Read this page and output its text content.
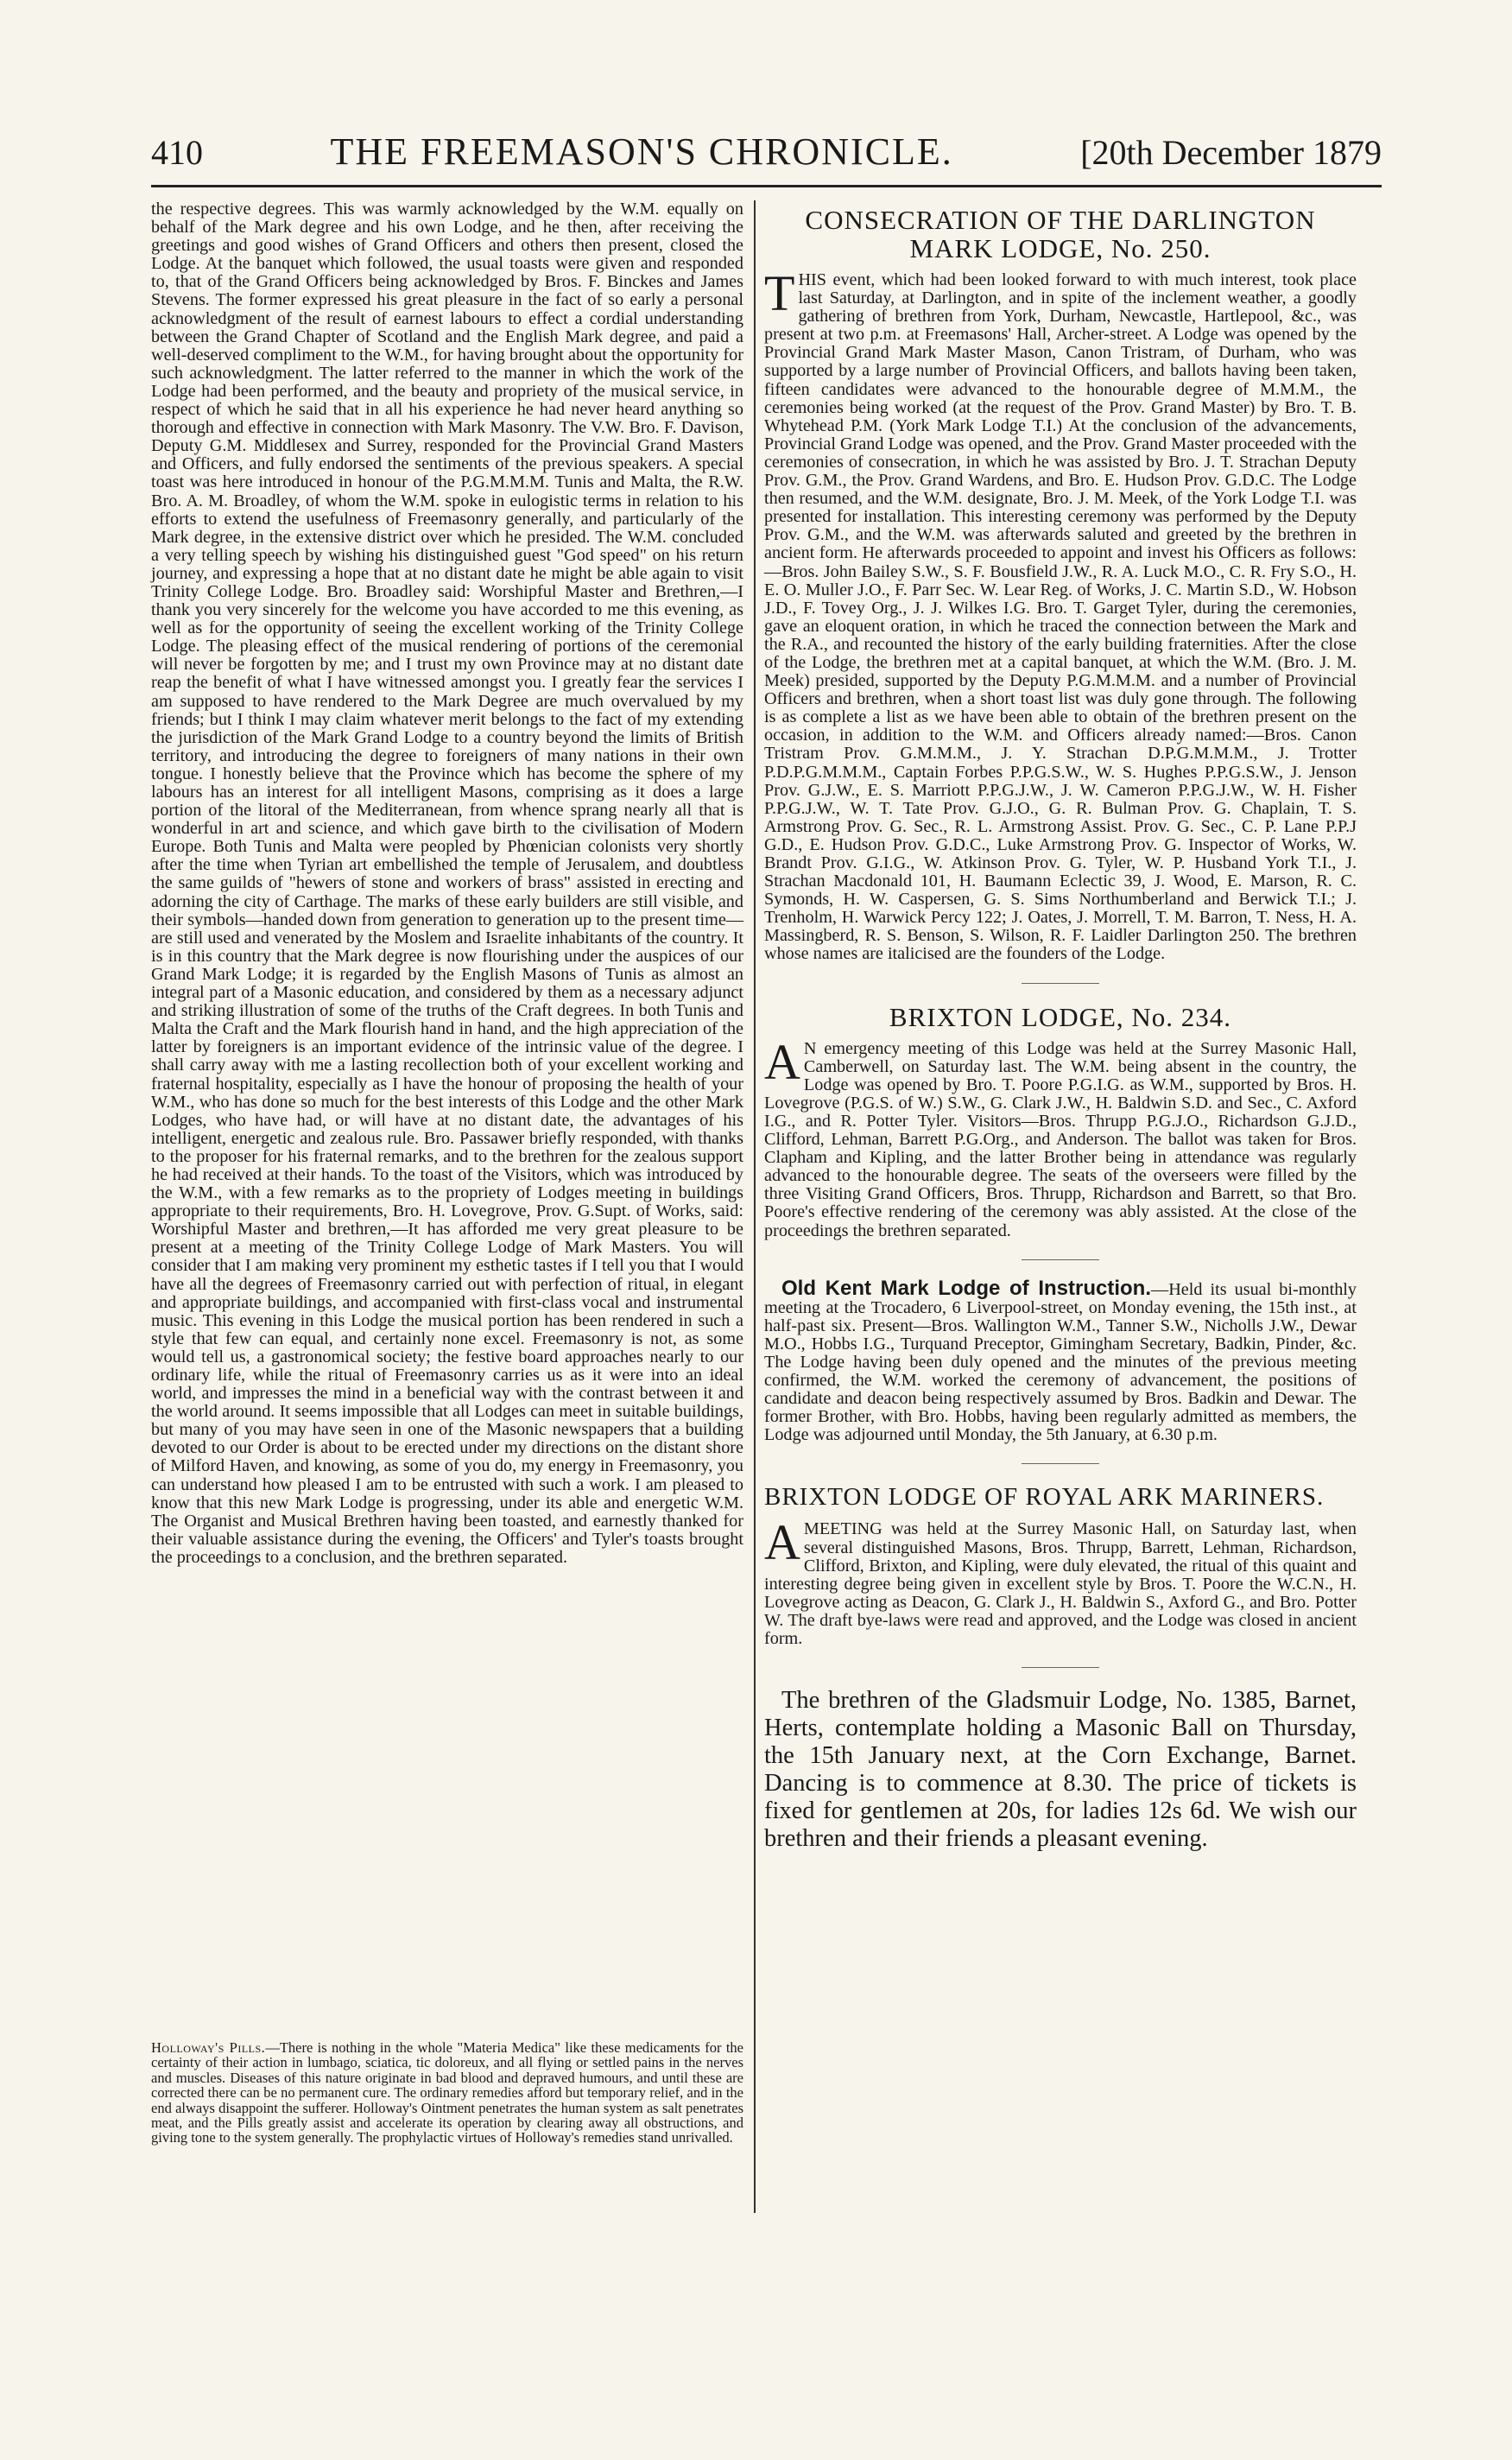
410	THE FREEMASON'S CHRONICLE.	[20th December 1879

the respective degrees. This was warmly acknowledged by the W.M. equally on behalf of the Mark degree and his own Lodge, and he then, after receiving the greetings and good wishes of Grand Officers and others then present, closed the Lodge. At the banquet which followed, the usual toasts were given and responded to, that of the Grand Officers being acknowledged by Bros. F. Binckes and James Stevens. The former expressed his great pleasure in the fact of so early a personal acknowledgment of the result of earnest labours to effect a cordial understanding between the Grand Chapter of Scotland and the English Mark degree, and paid a well-deserved compliment to the W.M., for having brought about the opportunity for such acknowledgment. The latter referred to the manner in which the work of the Lodge had been performed, and the beauty and propriety of the musical service, in respect of which he said that in all his experience he had never heard anything so thorough and effective in connection with Mark Masonry. The V.W. Bro. F. Davison, Deputy G.M. Middlesex and Surrey, responded for the Provincial Grand Masters and Officers, and fully endorsed the sentiments of the previous speakers. A special toast was here introduced in honour of the P.G.M.M.M. Tunis and Malta, the R.W. Bro. A. M. Broadley, of whom the W.M. spoke in eulogistic terms in relation to his efforts to extend the usefulness of Freemasonry generally, and particularly of the Mark degree, in the extensive district over which he presided. The W.M. concluded a very telling speech by wishing his distinguished guest "God speed" on his return journey, and expressing a hope that at no distant date he might be able again to visit Trinity College Lodge. Bro. Broadley said: Worshipful Master and Brethren,—I thank you very sincerely for the welcome you have accorded to me this evening, as well as for the opportunity of seeing the excellent working of the Trinity College Lodge. The pleasing effect of the musical rendering of portions of the ceremonial will never be forgotten by me; and I trust my own Province may at no distant date reap the benefit of what I have witnessed amongst you. I greatly fear the services I am supposed to have rendered to the Mark Degree are much overvalued by my friends; but I think I may claim whatever merit belongs to the fact of my extending the jurisdiction of the Mark Grand Lodge to a country beyond the limits of British territory, and introducing the degree to foreigners of many nations in their own tongue. I honestly believe that the Province which has become the sphere of my labours has an interest for all intelligent Masons, comprising as it does a large portion of the litoral of the Mediterranean, from whence sprang nearly all that is wonderful in art and science, and which gave birth to the civilisation of Modern Europe. Both Tunis and Malta were peopled by Phœnician colonists very shortly after the time when Tyrian art embellished the temple of Jerusalem, and doubtless the same guilds of "hewers of stone and workers of brass" assisted in erecting and adorning the city of Carthage. The marks of these early builders are still visible, and their symbols—handed down from generation to generation up to the present time—are still used and venerated by the Moslem and Israelite inhabitants of the country. It is in this country that the Mark degree is now flourishing under the auspices of our Grand Mark Lodge; it is regarded by the English Masons of Tunis as almost an integral part of a Masonic education, and considered by them as a necessary adjunct and striking illustration of some of the truths of the Craft degrees. In both Tunis and Malta the Craft and the Mark flourish hand in hand, and the high appreciation of the latter by foreigners is an important evidence of the intrinsic value of the degree. I shall carry away with me a lasting recollection both of your excellent working and fraternal hospitality, especially as I have the honour of proposing the health of your W.M., who has done so much for the best interests of this Lodge and the other Mark Lodges, who have had, or will have at no distant date, the advantages of his intelligent, energetic and zealous rule. Bro. Passawer briefly responded, with thanks to the proposer for his fraternal remarks, and to the brethren for the zealous support he had received at their hands. To the toast of the Visitors, which was introduced by the W.M., with a few remarks as to the propriety of Lodges meeting in buildings appropriate to their requirements, Bro. H. Lovegrove, Prov. G.Supt. of Works, said: Worshipful Master and brethren,—It has afforded me very great pleasure to be present at a meeting of the Trinity College Lodge of Mark Masters. You will consider that I am making very prominent my esthetic tastes if I tell you that I would have all the degrees of Freemasonry carried out with perfection of ritual, in elegant and appropriate buildings, and accompanied with first-class vocal and instrumental music. This evening in this Lodge the musical portion has been rendered in such a style that few can equal, and certainly none excel. Freemasonry is not, as some would tell us, a gastronomical society; the festive board approaches nearly to our ordinary life, while the ritual of Freemasonry carries us as it were into an ideal world, and impresses the mind in a beneficial way with the contrast between it and the world around. It seems impossible that all Lodges can meet in suitable buildings, but many of you may have seen in one of the Masonic newspapers that a building devoted to our Order is about to be erected under my directions on the distant shore of Milford Haven, and knowing, as some of you do, my energy in Freemasonry, you can understand how pleased I am to be entrusted with such a work. I am pleased to know that this new Mark Lodge is progressing, under its able and energetic W.M. The Organist and Musical Brethren having been toasted, and earnestly thanked for their valuable assistance during the evening, the Officers' and Tyler's toasts brought the proceedings to a conclusion, and the brethren separated.

Holloway's Pills.—There is nothing in the whole "Materia Medica" like these medicaments for the certainty of their action in lumbago, sciatica, tic doloreux, and all flying or settled pains in the nerves and muscles. Diseases of this nature originate in bad blood and depraved humours, and until these are corrected there can be no permanent cure. The ordinary remedies afford but temporary relief, and in the end always disappoint the sufferer. Holloway's Ointment penetrates the human system as salt penetrates meat, and the Pills greatly assist and accelerate its operation by clearing away all obstructions, and giving tone to the system generally. The prophylactic virtues of Holloway's remedies stand unrivalled.
CONSECRATION OF THE DARLINGTON MARK LODGE, No. 250.

THIS event, which had been looked forward to with much interest, took place last Saturday, at Darlington, and in spite of the inclement weather, a goodly gathering of brethren from York, Durham, Newcastle, Hartlepool, &c., was present at two p.m. at Freemasons' Hall, Archer-street. A Lodge was opened by the Provincial Grand Mark Master Mason, Canon Tristram, of Durham, who was supported by a large number of Provincial Officers, and ballots having been taken, fifteen candidates were advanced to the honourable degree of M.M.M., the ceremonies being worked (at the request of the Prov. Grand Master) by Bro. T. B. Whytehead P.M. (York Mark Lodge T.I.) At the conclusion of the advancements, Provincial Grand Lodge was opened, and the Prov. Grand Master proceeded with the ceremonies of consecration, in which he was assisted by Bro. J. T. Strachan Deputy Prov. G.M., the Prov. Grand Wardens, and Bro. E. Hudson Prov. G.D.C. The Lodge then resumed, and the W.M. designate, Bro. J. M. Meek, of the York Lodge T.I. was presented for installation. This interesting ceremony was performed by the Deputy Prov. G.M., and the W.M. was afterwards saluted and greeted by the brethren in ancient form. He afterwards proceeded to appoint and invest his Officers as follows:—Bros. John Bailey S.W., S. F. Bousfield J.W., R. A. Luck M.O., C. R. Fry S.O., H. E. O. Muller J.O., F. Parr Sec. W. Lear Reg. of Works, J. C. Martin S.D., W. Hobson J.D., F. Tovey Org., J. J. Wilkes I.G. Bro. T. Garget Tyler, during the ceremonies, gave an eloquent oration, in which he traced the connection between the Mark and the R.A., and recounted the history of the early building fraternities. After the close of the Lodge, the brethren met at a capital banquet, at which the W.M. (Bro. J. M. Meek) presided, supported by the Deputy P.G.M.M.M. and a number of Provincial Officers and brethren, when a short toast list was duly gone through. The following is as complete a list as we have been able to obtain of the brethren present on the occasion, in addition to the W.M. and Officers already named:—Bros. Canon Tristram Prov. G.M.M.M., J. Y. Strachan D.P.G.M.M.M., J. Trotter P.D.P.G.M.M.M., Captain Forbes P.P.G.S.W., W. S. Hughes P.P.G.S.W., J. Jenson Prov. G.J.W., E. S. Marriott P.P.G.J.W., J. W. Cameron P.P.G.J.W., W. H. Fisher P.P.G.J.W., W. T. Tate Prov. G.J.O., G. R. Bulman Prov. G. Chaplain, T. S. Armstrong Prov. G. Sec., R. L. Armstrong Assist. Prov. G. Sec., C. P. Lane P.P.J G.D., E. Hudson Prov. G.D.C., Luke Armstrong Prov. G. Inspector of Works, W. Brandt Prov. G.I.G., W. Atkinson Prov. G. Tyler, W. P. Husband York T.I., J. Strachan Macdonald 101, H. Baumann Eclectic 39, J. Wood, E. Marson, R. C. Symonds, H. W. Caspersen, G. S. Sims Northumberland and Berwick T.I.; J. Trenholm, H. Warwick Percy 122; J. Oates, J. Morrell, T. M. Barron, T. Ness, H. A. Massingberd, R. S. Benson, S. Wilson, R. F. Laidler Darlington 250. The brethren whose names are italicised are the founders of the Lodge.

BRIXTON LODGE, No. 234.

A N emergency meeting of this Lodge was held at the Surrey Masonic Hall, Camberwell, on Saturday last. The W.M. being absent in the country, the Lodge was opened by Bro. T. Poore P.G.I.G. as W.M., supported by Bros. H. Lovegrove (P.G.S. of W.) S.W., G. Clark J.W., H. Baldwin S.D. and Sec., C. Axford I.G., and R. Potter Tyler. Visitors—Bros. Thrupp P.G.J.O., Richardson G.J.D., Clifford, Lehman, Barrett P.G.Org., and Anderson. The ballot was taken for Bros. Clapham and Kipling, and the latter Brother being in attendance was regularly advanced to the honourable degree. The seats of the overseers were filled by the three Visiting Grand Officers, Bros. Thrupp, Richardson and Barrett, so that Bro. Poore's effective rendering of the ceremony was ably assisted. At the close of the proceedings the brethren separated.

Old Kent Mark Lodge of Instruction.—Held its usual bi-monthly meeting at the Trocadero, 6 Liverpool-street, on Monday evening, the 15th inst., at half-past six. Present—Bros. Wallington W.M., Tanner S.W., Nicholls J.W., Dewar M.O., Hobbs I.G., Turquand Preceptor, Gimingham Secretary, Badkin, Pinder, &c. The Lodge having been duly opened and the minutes of the previous meeting confirmed, the W.M. worked the ceremony of advancement, the positions of candidate and deacon being respectively assumed by Bros. Badkin and Dewar. The former Brother, with Bro. Hobbs, having been regularly admitted as members, the Lodge was adjourned until Monday, the 5th January, at 6.30 p.m.

BRIXTON LODGE OF ROYAL ARK MARINERS.

A MEETING was held at the Surrey Masonic Hall, on Saturday last, when several distinguished Masons, Bros. Thrupp, Barrett, Lehman, Richardson, Clifford, Brixton, and Kipling, were duly elevated, the ritual of this quaint and interesting degree being given in excellent style by Bros. T. Poore the W.C.N., H. Lovegrove acting as Deacon, G. Clark J., H. Baldwin S., Axford G., and Bro. Potter W. The draft bye-laws were read and approved, and the Lodge was closed in ancient form.

The brethren of the Gladsmuir Lodge, No. 1385, Barnet, Herts, contemplate holding a Masonic Ball on Thursday, the 15th January next, at the Corn Exchange, Barnet. Dancing is to commence at 8.30. The price of tickets is fixed for gentlemen at 20s, for ladies 12s 6d. We wish our brethren and their friends a pleasant evening.
